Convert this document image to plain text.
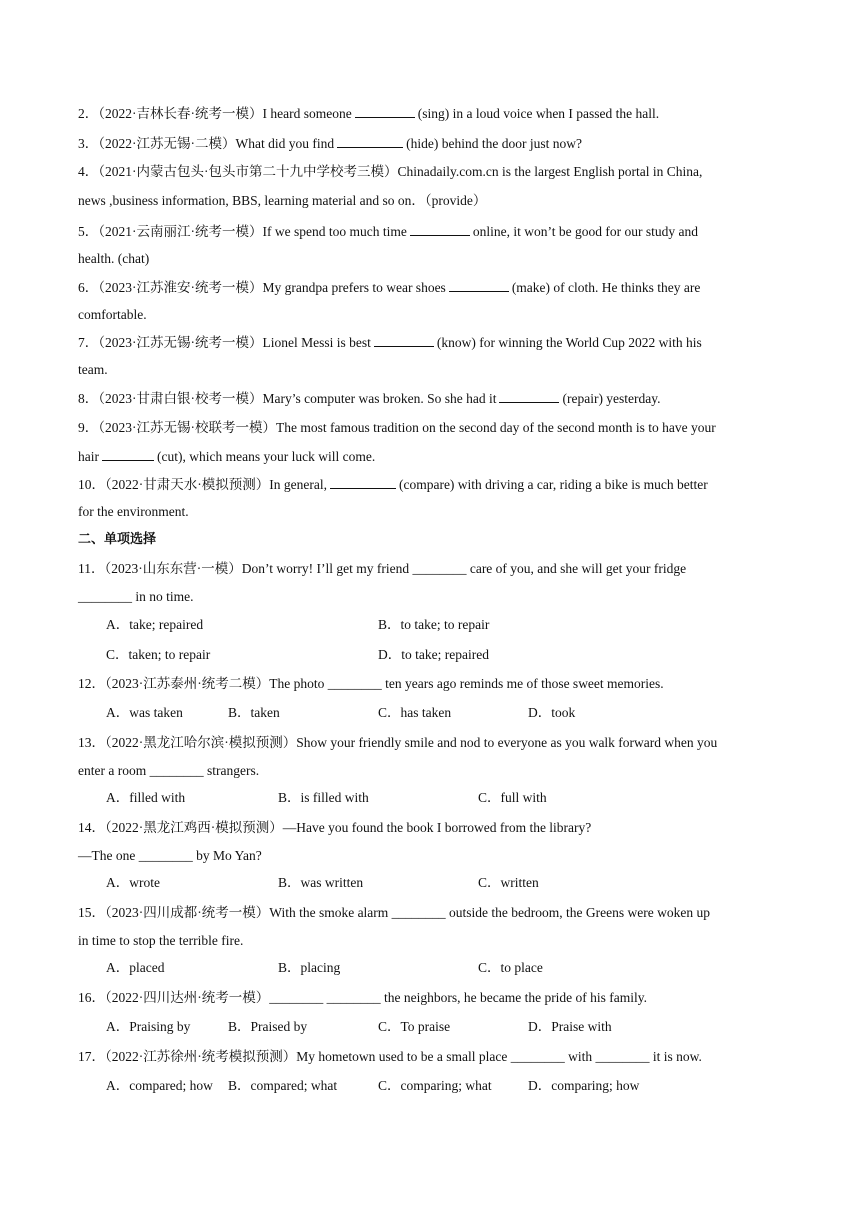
2．（2022·吉林长春·统考一模）I heard someone	(sing) in a loud voice when I passed the hall.
3．（2022·江苏无锡·二模）What did you find	(hide) behind the door just now?
4．（2021·内蒙古包头·包头市第二十九中学校考三模）Chinadaily.com.cn is the largest English portal in China,
news ,business information, BBS, learning material and so on．（provide）
5．（2021·云南丽江·统考一模）If we spend too much time	online, it won’t be good for our study and
health. (chat)
6．（2023·江苏淮安·统考一模）My grandpa prefers to wear shoes	(make) of cloth. He thinks they are
comfortable.
7．（2023·江苏无锡·统考一模）Lionel Messi is best	(know) for winning the World Cup 2022 with his
team.
8．（2023·甘肃白银·校考一模）Mary’s computer was broken. So she had it	(repair) yesterday.
9．（2023·江苏无锡·校联考一模）The most famous tradition on the second day of the second month is to have your
hair	(cut), which means your luck will come.
10．（2022·甘肃天水·模拟预测）In general,	(compare) with driving a car, riding a bike is much better
for the environment.
二、单项选择
11．（2023·山东东营·一模）Don’t worry! I’ll get my friend ________ care of you, and she will get your fridge
________ in no time.
A．take; repaired	B．to take; to repair
C．taken; to repair	D．to take; repaired
12．（2023·江苏泰州·统考二模）The photo ________ ten years ago reminds me of those sweet memories.
A．was taken	B．taken	C．has taken	D．took
13．（2022·黑龙江哈尔滨·模拟预测）Show your friendly smile and nod to everyone as you walk forward when you
enter a room ________ strangers.
A．filled with	B．is filled with	C．full with
14．（2022·黑龙江鸡西·模拟预测）—Have you found the book I borrowed from the library?
—The one ________ by Mo Yan?
A．wrote	B．was written	C．written
15．（2023·四川成都·统考一模）With the smoke alarm ________ outside the bedroom, the Greens were woken up
in time to stop the terrible fire.
A．placed	B．placing	C．to place
16．（2022·四川达州·统考一模）________ ________ the neighbors, he became the pride of his family.
A．Praising by	B．Praised by	C．To praise	D．Praise with
17．（2022·江苏徐州·统考模拟预测）My hometown used to be a small place ________ with ________ it is now.
A．compared; how B．compared; what	C．comparing; what	D．comparing; how
